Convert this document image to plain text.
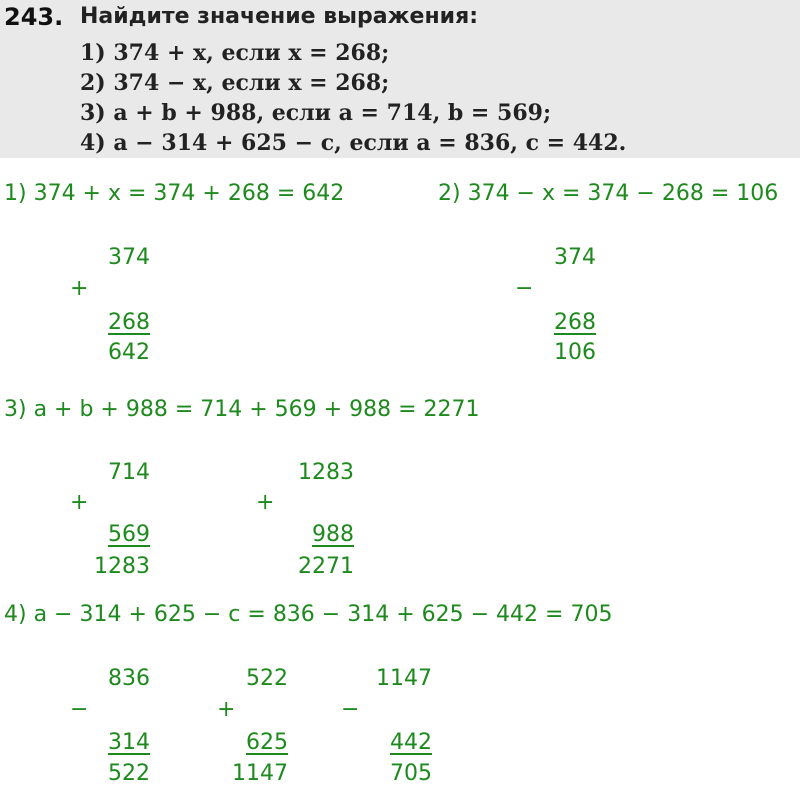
243. Найдите значение выражения:
1) 374 + x, если x = 268;
2) 374 − x, если x = 268;
3) a + b + 988, если a = 714, b = 569;
4) a − 314 + 625 − c, если a = 836, c = 442.
1) 374 + x = 374 + 268 = 642
374
+
268
642
2) 374 − x = 374 − 268 = 106
374
−
268
106
3) a + b + 988 = 714 + 569 + 988 = 2271
714
+
569
1283
1283
+
988
2271
4) a − 314 + 625 − c = 836 − 314 + 625 − 442 = 705
836
−
314
522
522
+
625
1147
1147
−
442
705
